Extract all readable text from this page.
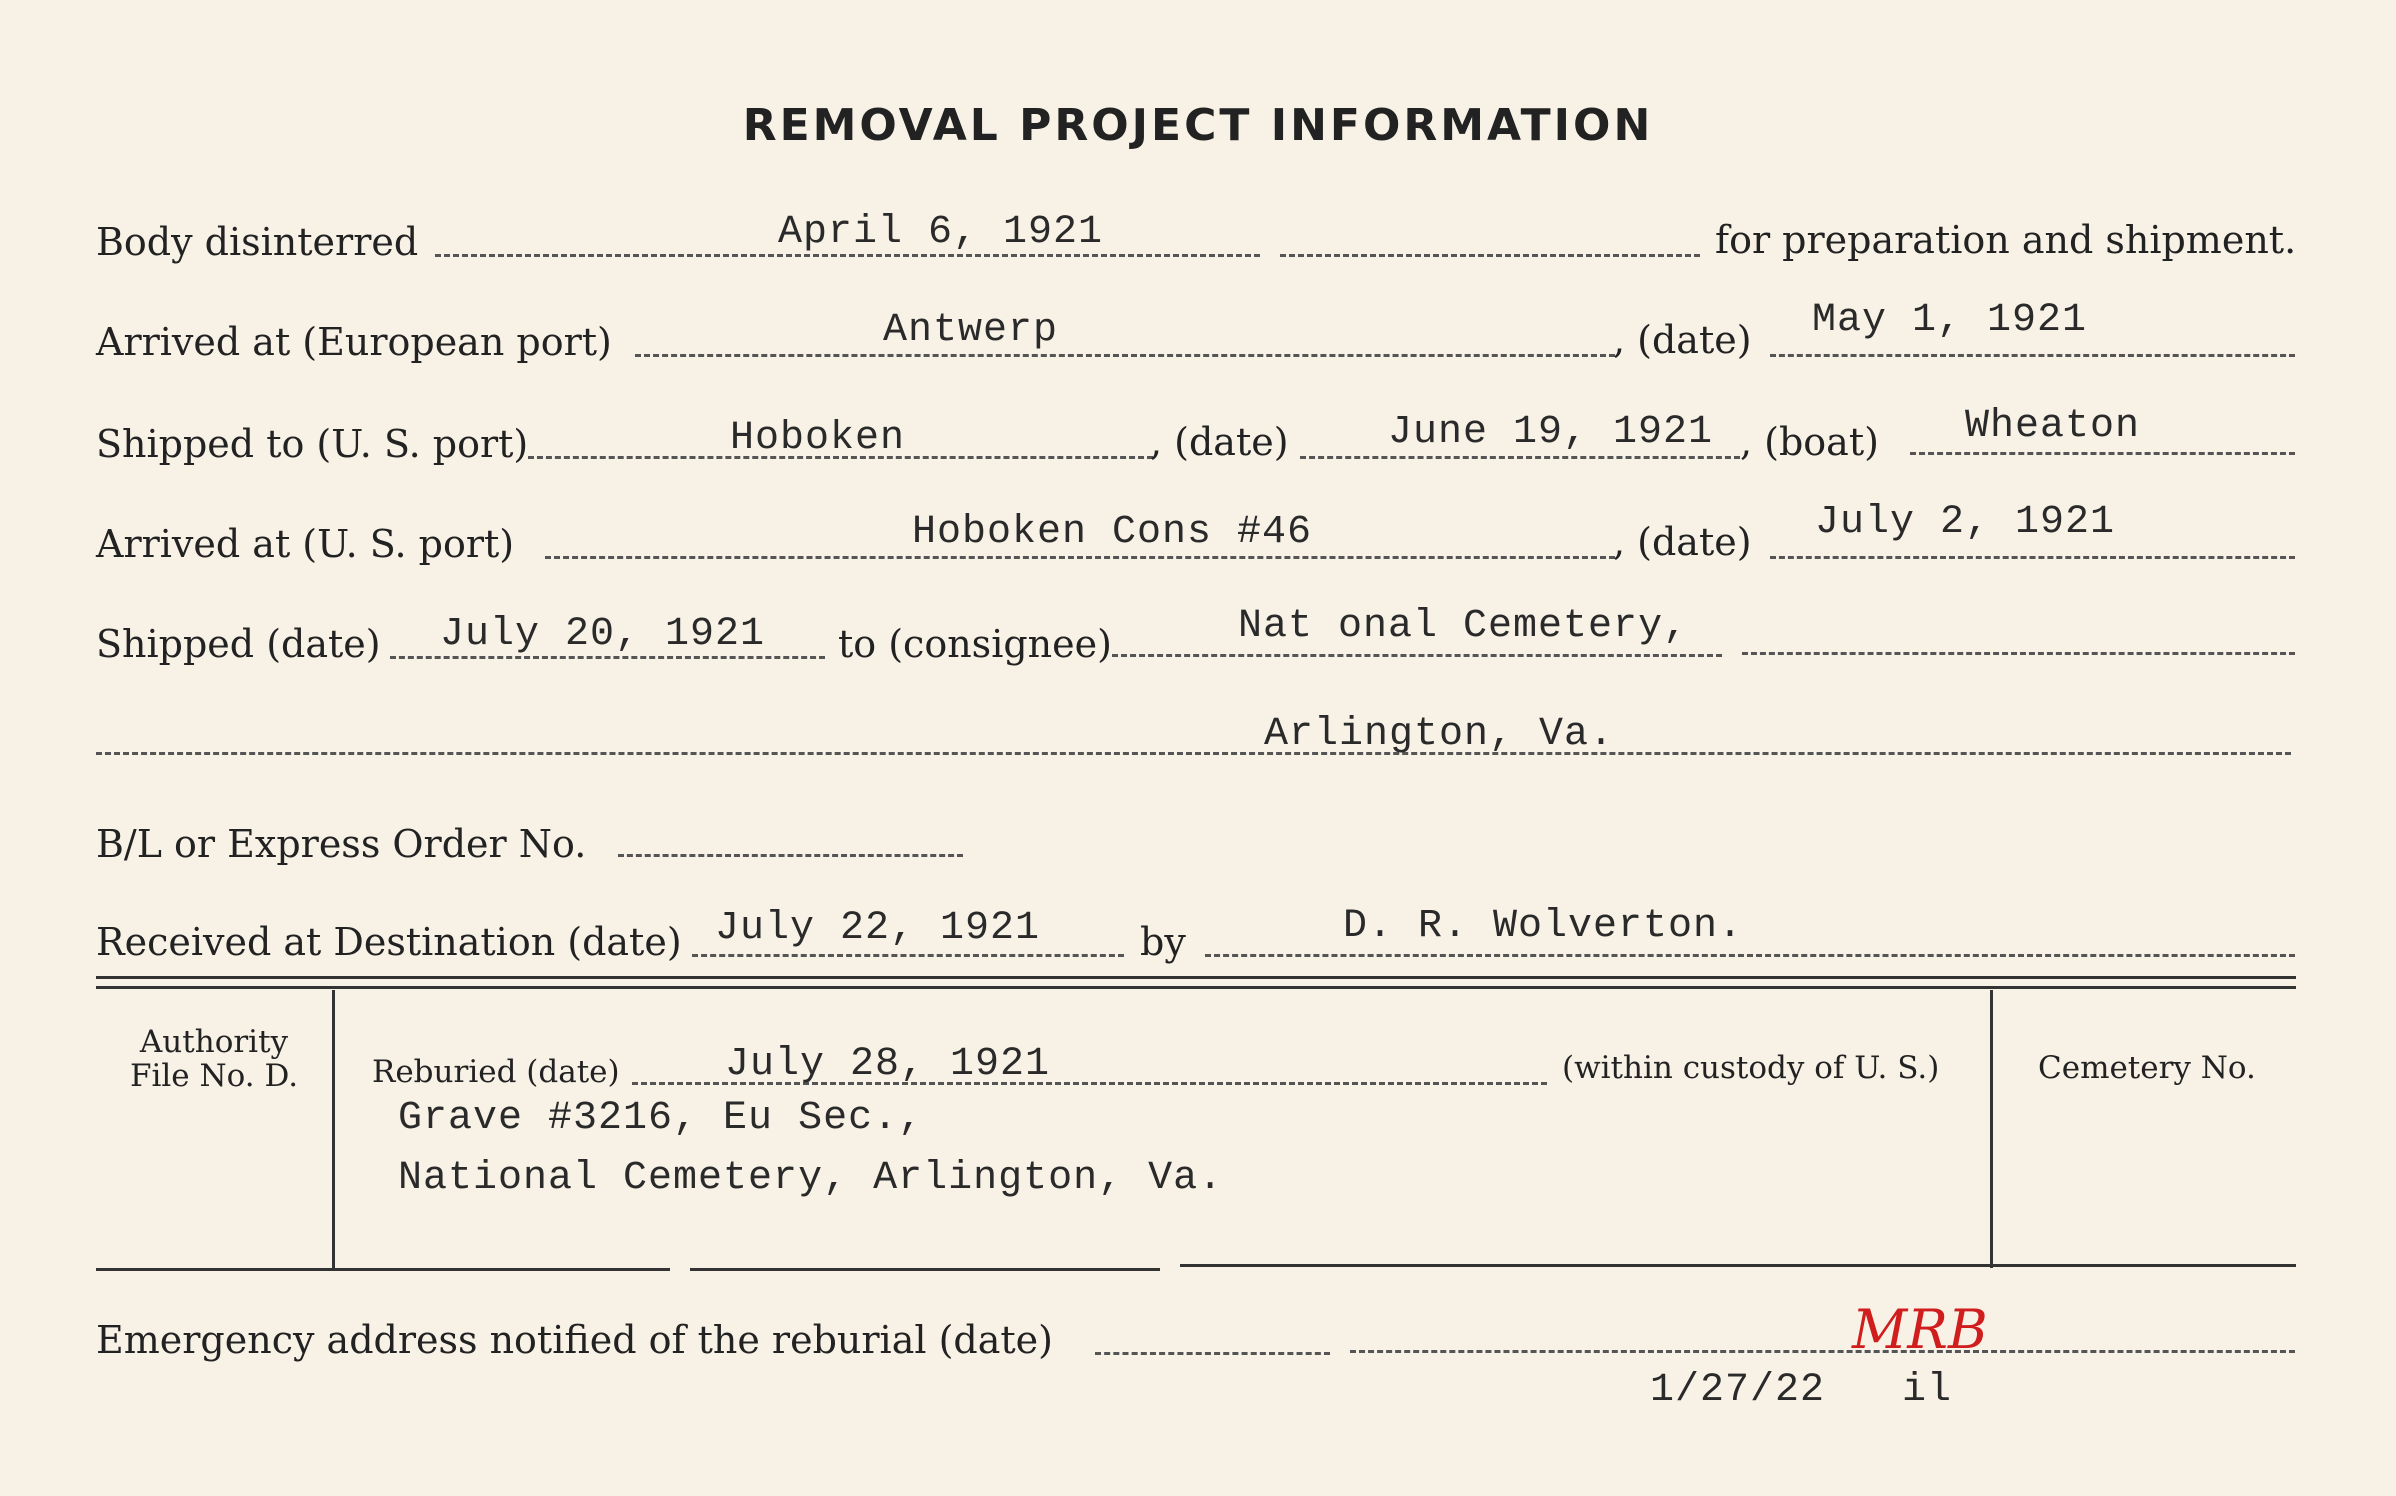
REMOVAL PROJECT INFORMATION
Body disinterred	April 6, 1921	for preparation and shipment.
Arrived at (European port)	Antwerp	, (date) May 1, 1921
Shipped to (U. S. port)	Hoboken	, (date) June 19, 1921 , (boat) Wheaton
Arrived at (U. S. port)	Hoboken Cons #46	, (date) July 2, 1921
Shipped (date) July 20, 1921 to (consignee)	Nat onal Cemetery,
Arlington, Va.
B/L or Express Order No.
Received at Destination (date) July 22, 1921	by	D. R. Wolverton.
Authority
File No. D.	Reburied (date)	July 28, 1921	(within custody of U. S.)
Grave #3216, Eu Sec.,
National Cemetery, Arlington, Va.
Cemetery No.
Emergency address notified of the reburial (date)	MRB
1/27/22 il
